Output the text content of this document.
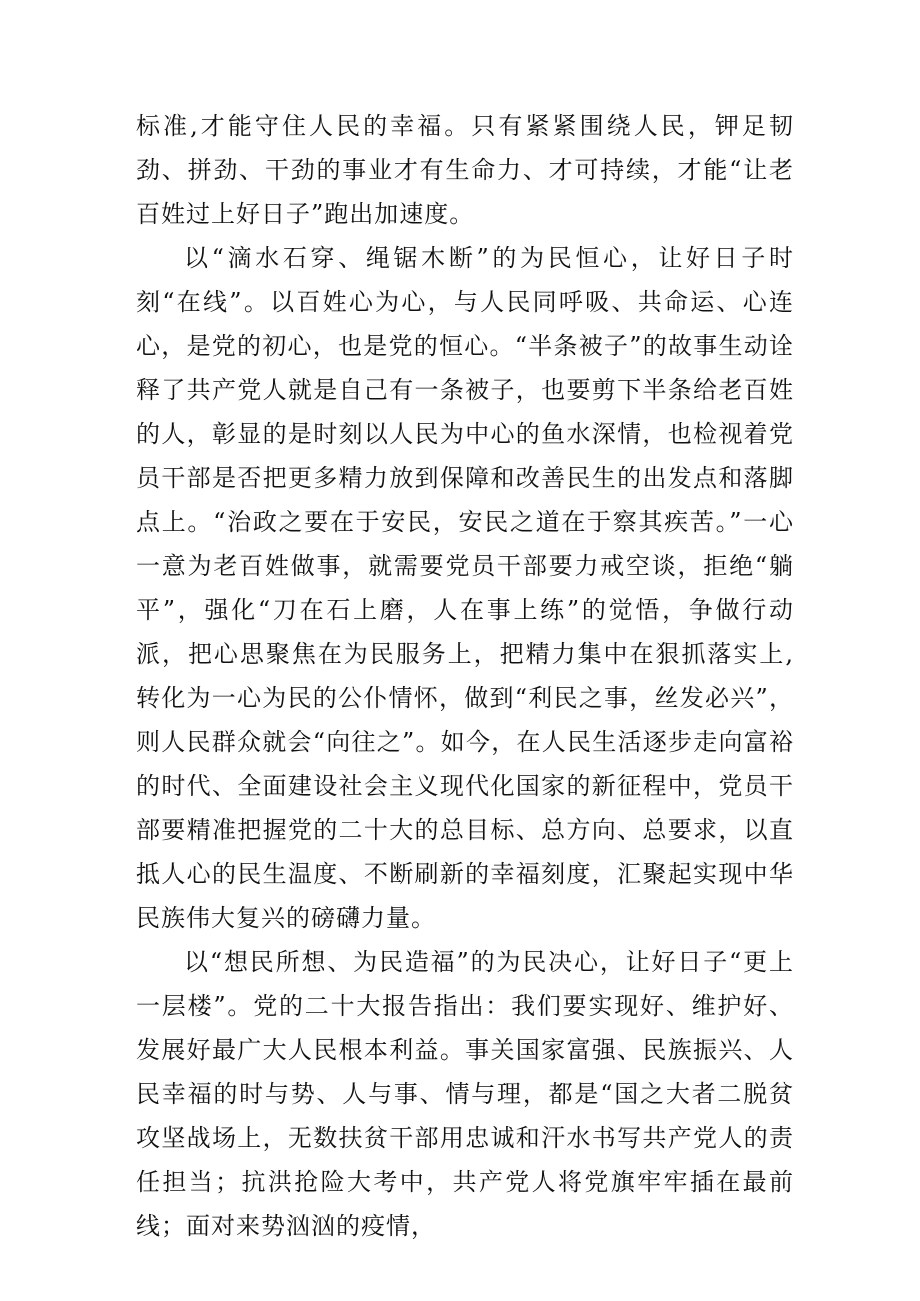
标准,才能守住人民的幸福。只有紧紧围绕人民，钾足韧劲、拼劲、干劲的事业才有生命力、才可持续，才能“让老百姓过上好日子”跑出加速度。

以“滴水石穿、绳锯木断”的为民恒心，让好日子时刻“在线”。以百姓心为心，与人民同呼吸、共命运、心连心，是党的初心，也是党的恒心。“半条被子”的故事生动诠释了共产党人就是自己有一条被子，也要剪下半条给老百姓的人，彰显的是时刻以人民为中心的鱼水深情，也检视着党员干部是否把更多精力放到保障和改善民生的出发点和落脚点上。“治政之要在于安民，安民之道在于察其疾苦。”一心一意为老百姓做事，就需要党员干部要力戒空谈，拒绝“躺平”，强化“刀在石上磨，人在事上练”的觉悟，争做行动派，把心思聚焦在为民服务上，把精力集中在狠抓落实上,转化为一心为民的公仆情怀，做到“利民之事，丝发必兴”，则人民群众就会“向往之”。如今，在人民生活逐步走向富裕的时代、全面建设社会主义现代化国家的新征程中，党员干部要精准把握党的二十大的总目标、总方向、总要求，以直抵人心的民生温度、不断刷新的幸福刻度，汇聚起实现中华民族伟大复兴的磅礴力量。

以“想民所想、为民造福”的为民决心，让好日子“更上一层楼”。党的二十大报告指出：我们要实现好、维护好、发展好最广大人民根本利益。事关国家富强、民族振兴、人民幸福的时与势、人与事、情与理，都是“国之大者二脱贫攻坚战场上，无数扶贫干部用忠诚和汗水书写共产党人的责任担当；抗洪抢险大考中，共产党人将党旗牢牢插在最前线；面对来势汹汹的疫情，
